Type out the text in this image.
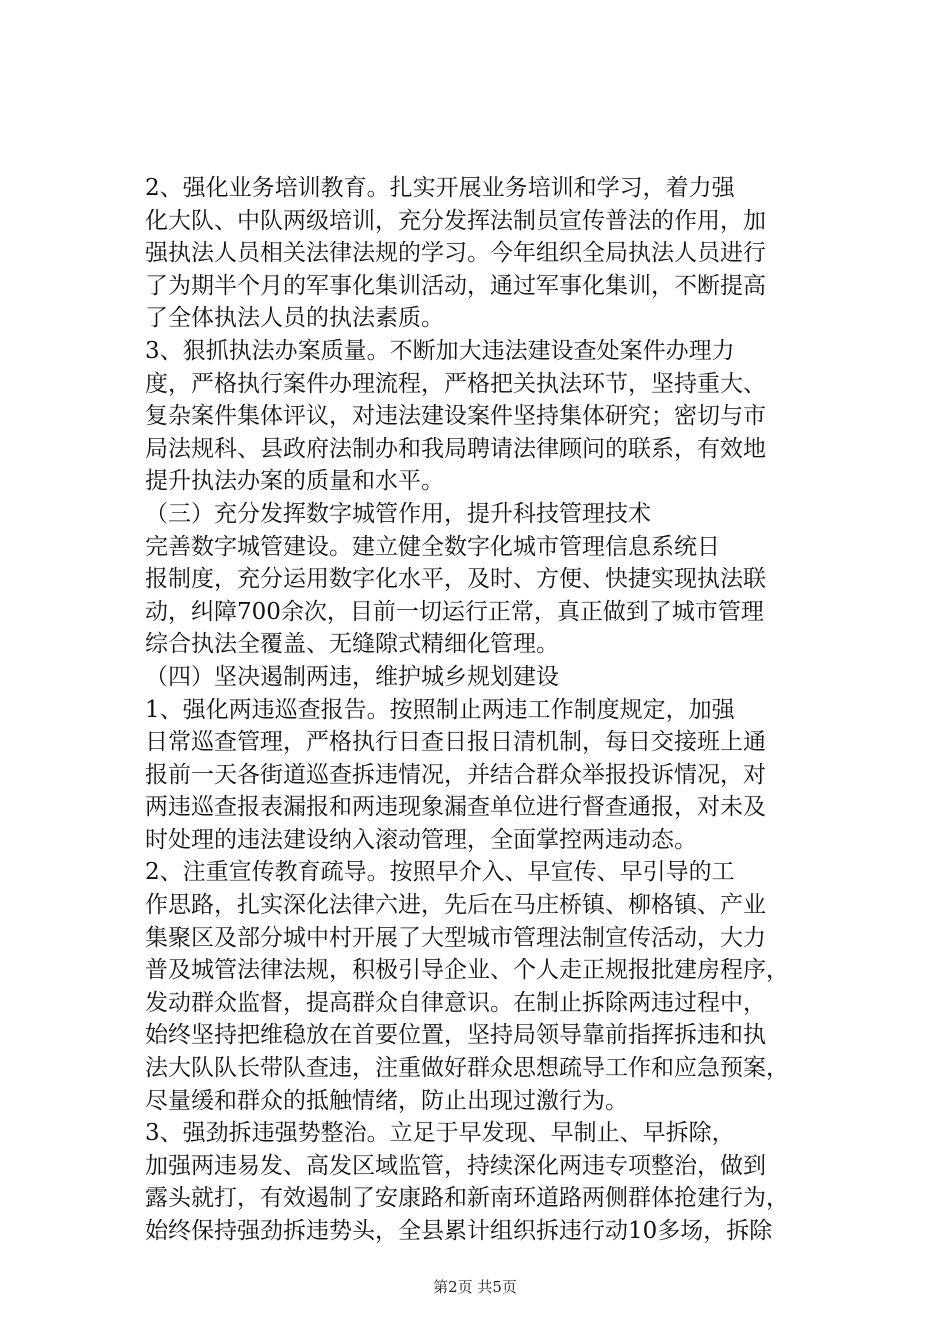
2、强化业务培训教育。扎实开展业务培训和学习，着力强

化大队、中队两级培训，充分发挥法制员宣传普法的作用，加

强执法人员相关法律法规的学习。今年组织全局执法人员进行

了为期半个月的军事化集训活动，通过军事化集训，不断提高

了全体执法人员的执法素质。

3、狠抓执法办案质量。不断加大违法建设查处案件办理力

度，严格执行案件办理流程，严格把关执法环节，坚持重大、

复杂案件集体评议，对违法建设案件坚持集体研究；密切与市

局法规科、县政府法制办和我局聘请法律顾问的联系，有效地

提升执法办案的质量和水平。

（三）充分发挥数字城管作用，提升科技管理技术

完善数字城管建设。建立健全数字化城市管理信息系统日

报制度，充分运用数字化水平，及时、方便、快捷实现执法联

动，纠障700余次，目前一切运行正常，真正做到了城市管理

综合执法全覆盖、无缝隙式精细化管理。

（四）坚决遏制两违，维护城乡规划建设

1、强化两违巡查报告。按照制止两违工作制度规定，加强

日常巡查管理，严格执行日查日报日清机制，每日交接班上通

报前一天各街道巡查拆违情况，并结合群众举报投诉情况，对

两违巡查报表漏报和两违现象漏查单位进行督查通报，对未及

时处理的违法建设纳入滚动管理，全面掌控两违动态。

2、注重宣传教育疏导。按照早介入、早宣传、早引导的工

作思路，扎实深化法律六进，先后在马庄桥镇、柳格镇、产业

集聚区及部分城中村开展了大型城市管理法制宣传活动，大力

普及城管法律法规，积极引导企业、个人走正规报批建房程序，

发动群众监督，提高群众自律意识。在制止拆除两违过程中，

始终坚持把维稳放在首要位置，坚持局领导靠前指挥拆违和执

法大队队长带队查违，注重做好群众思想疏导工作和应急预案，

尽量缓和群众的抵触情绪，防止出现过激行为。

3、强劲拆违强势整治。立足于早发现、早制止、早拆除，

加强两违易发、高发区域监管，持续深化两违专项整治，做到

露头就打，有效遏制了安康路和新南环道路两侧群体抢建行为，

始终保持强劲拆违势头，全县累计组织拆违行动10多场，拆除

第2页 共5页
